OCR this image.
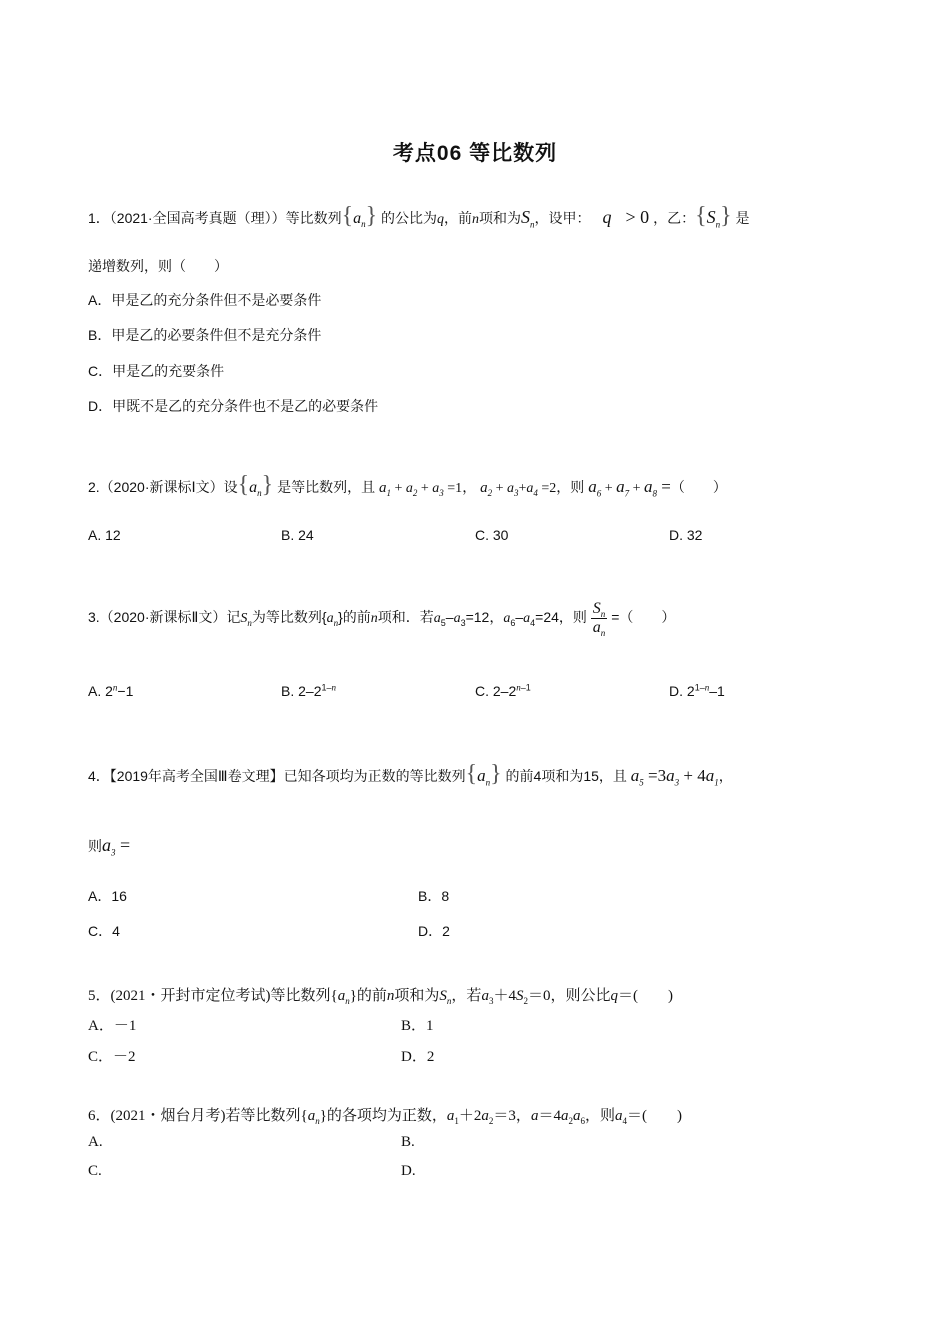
考点06 等比数列
1．（2021·全国高考真题（理））等比数列$\{a_n\}$ 的公比为q，前n项和为$S_n$，设甲： q > 0 ，乙：$\{S_n\}$ 是
递增数列，则（　　）
A．甲是乙的充分条件但不是必要条件
B．甲是乙的必要条件但不是充分条件
C．甲是乙的充要条件
D．甲既不是乙的充分条件也不是乙的必要条件
2.（2020·新课标Ⅰ文）设$\{a_n\}$ 是等比数列，且 $a_1 + a_2 + a_3 =1$， $a_2 + a_3+a_4 =2$，则 $a_6 + a_7 + a_8$ =（　　）
A. 12	B. 24	C. 30	D. 32
3.（2020·新课标Ⅱ文）记$S_n$为等比数列$\{a_n\}$的前n项和．若$a_5-a_3=12$，$a_6-a_4=24$，则 $\frac{S_n}{a_n}$ =（　　）
A. $2^n-1$	B. 2–2$^{1-n}$	C. 2–2$^{n-1}$	D. 2$^{1-n}$–1
4．【2019年高考全国Ⅲ卷文理】已知各项均为正数的等比数列$\{a_n\}$ 的前4项和为15，且 $a_5 =3a_3 + 4a_1$，
则$a_3$ =
A．16	B．8
C．4	D．2
5．(2021・开封市定位考试)等比数列$\{a_n\}$的前n项和为$S_n$，若$a_3+4S_2=0$，则公比q＝(　　)
A．－1	B．1
C．－2	D．2
6．(2021・烟台月考)若等比数列$\{a_n\}$的各项均为正数，$a_1+2a_2=3$，$a=4a_2a_6$，则$a_4=$(　　)
A.	B.
C.	D.
